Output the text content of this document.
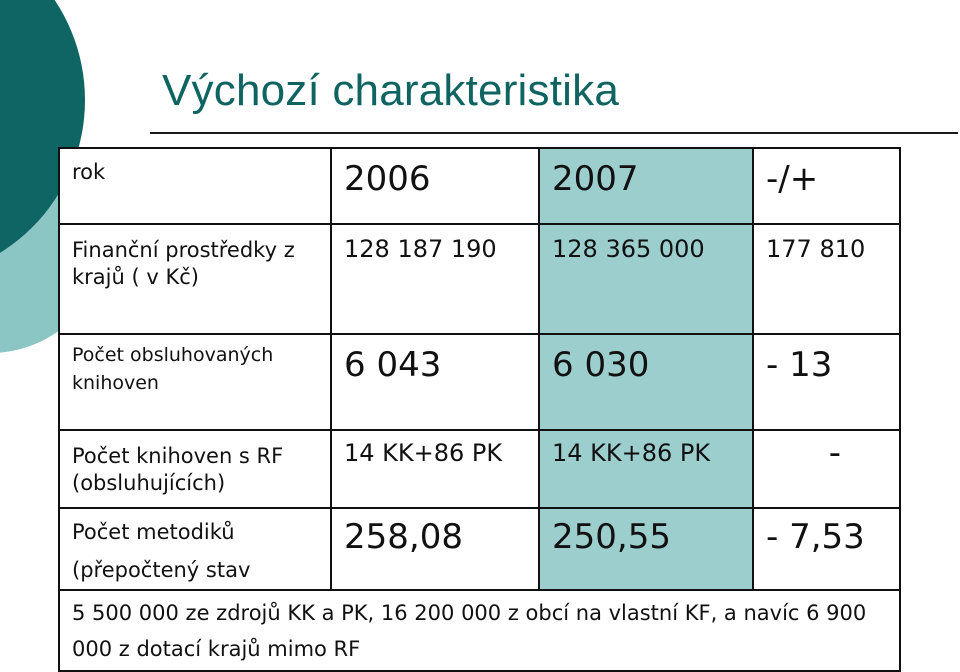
Výchozí charakteristika
rok	2006	2007	-/+
Finanční prostředky z krajů ( v Kč)	128 187 190	128 365 000	177 810
Počet obsluhovaných knihoven	6 043	6 030	- 13
Počet knihoven s RF (obsluhujících)	14 KK+86 PK	14 KK+86 PK	-
Počet metodiků (přepočtený stav	258,08	250,55	- 7,53
5 500 000 ze zdrojů KK a PK, 16 200 000 z obcí na vlastní KF, a navíc 6 900 000 z dotací krajů mimo RF			
